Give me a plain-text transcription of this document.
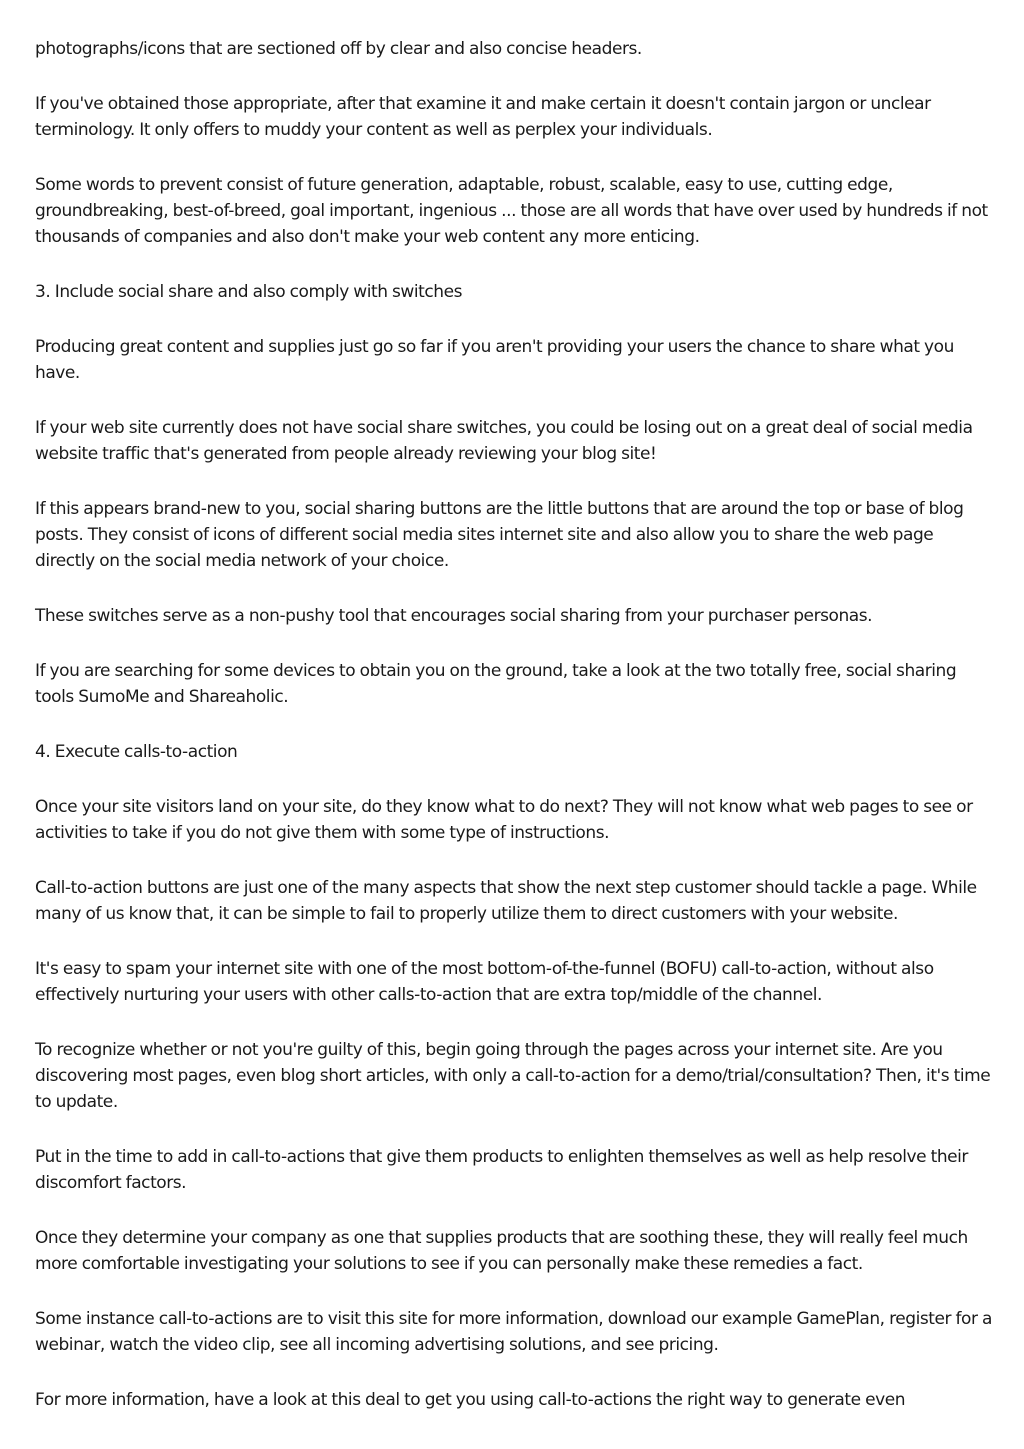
photographs/icons that are sectioned off by clear and also concise headers.

If you've obtained those appropriate, after that examine it and make certain it doesn't contain jargon or unclear terminology. It only offers to muddy your content as well as perplex your individuals.

Some words to prevent consist of future generation, adaptable, robust, scalable, easy to use, cutting edge, groundbreaking, best-of-breed, goal important, ingenious ... those are all words that have over used by hundreds if not thousands of companies and also don't make your web content any more enticing.

3. Include social share and also comply with switches

Producing great content and supplies just go so far if you aren't providing your users the chance to share what you have.

If your web site currently does not have social share switches, you could be losing out on a great deal of social media website traffic that's generated from people already reviewing your blog site!

If this appears brand-new to you, social sharing buttons are the little buttons that are around the top or base of blog posts. They consist of icons of different social media sites internet site and also allow you to share the web page directly on the social media network of your choice.

These switches serve as a non-pushy tool that encourages social sharing from your purchaser personas.

If you are searching for some devices to obtain you on the ground, take a look at the two totally free, social sharing tools SumoMe and Shareaholic.

4. Execute calls-to-action

Once your site visitors land on your site, do they know what to do next? They will not know what web pages to see or activities to take if you do not give them with some type of instructions.

Call-to-action buttons are just one of the many aspects that show the next step customer should tackle a page. While many of us know that, it can be simple to fail to properly utilize them to direct customers with your website.

It's easy to spam your internet site with one of the most bottom-of-the-funnel (BOFU) call-to-action, without also effectively nurturing your users with other calls-to-action that are extra top/middle of the channel.

To recognize whether or not you're guilty of this, begin going through the pages across your internet site. Are you discovering most pages, even blog short articles, with only a call-to-action for a demo/trial/consultation? Then, it's time to update.

Put in the time to add in call-to-actions that give them products to enlighten themselves as well as help resolve their discomfort factors.

Once they determine your company as one that supplies products that are soothing these, they will really feel much more comfortable investigating your solutions to see if you can personally make these remedies a fact.

Some instance call-to-actions are to visit this site for more information, download our example GamePlan, register for a webinar, watch the video clip, see all incoming advertising solutions, and see pricing.

For more information, have a look at this deal to get you using call-to-actions the right way to generate even
